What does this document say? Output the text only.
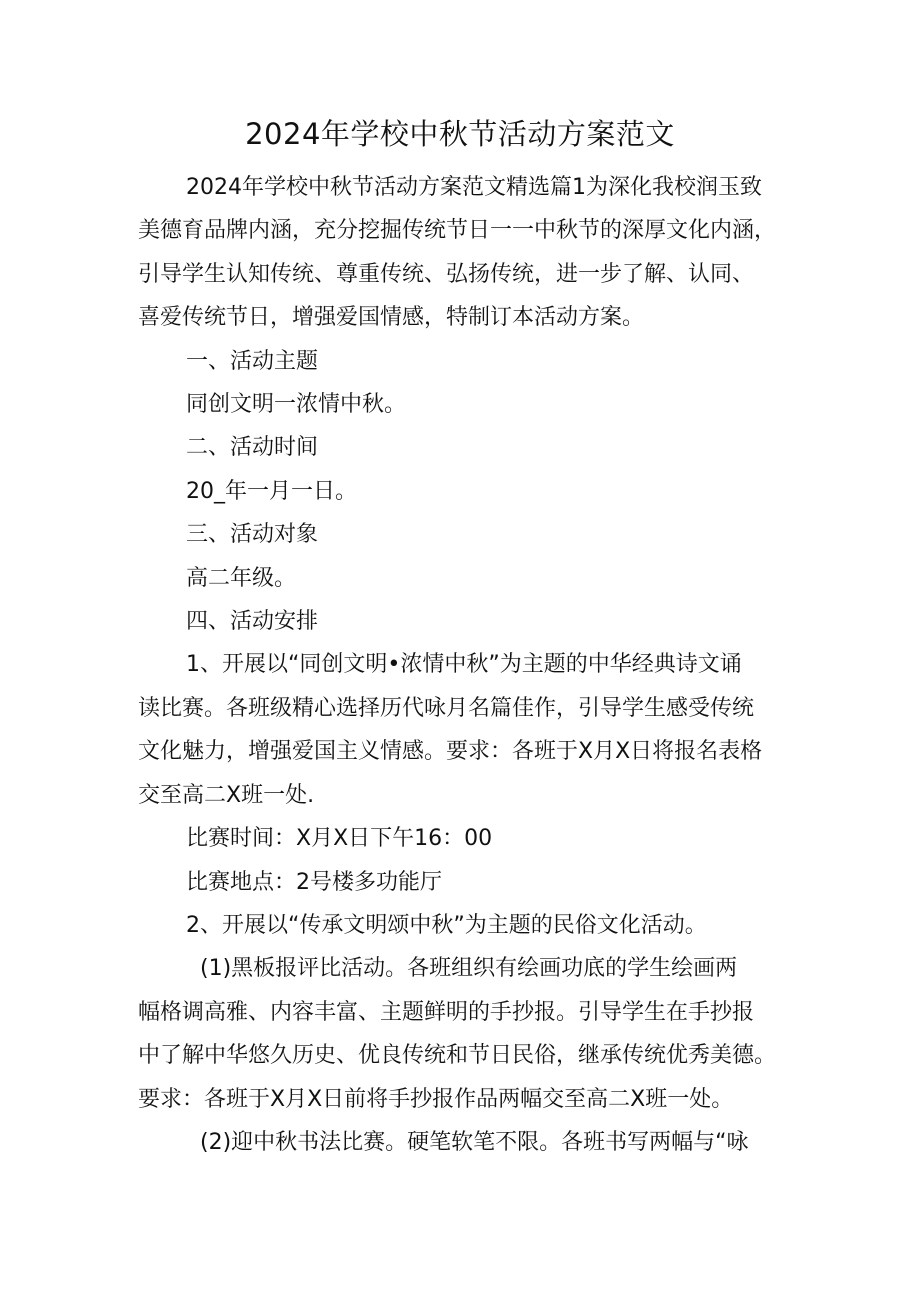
2024年学校中秋节活动方案范文

2024年学校中秋节活动方案范文精选篇1为深化我校润玉致

美德育品牌内涵，充分挖掘传统节日一一中秋节的深厚文化内涵，

引导学生认知传统、尊重传统、弘扬传统，进一步了解、认同、

喜爱传统节日，增强爱国情感，特制订本活动方案。

一、活动主题

同创文明一浓情中秋。

二、活动时间

20_年一月一日。

三、活动对象

高二年级。

四、活动安排

1、开展以“同创文明•浓情中秋”为主题的中华经典诗文诵

读比赛。各班级精心选择历代咏月名篇佳作，引导学生感受传统

文化魅力，增强爱国主义情感。要求：各班于X月X日将报名表格

交至高二X班一处.

比赛时间：X月X日下午16：00

比赛地点：2号楼多功能厅

2、开展以“传承文明颂中秋”为主题的民俗文化活动。

(1)黑板报评比活动。各班组织有绘画功底的学生绘画两

幅格调高雅、内容丰富、主题鲜明的手抄报。引导学生在手抄报

中了解中华悠久历史、优良传统和节日民俗，继承传统优秀美德。

要求：各班于X月X日前将手抄报作品两幅交至高二X班一处。

(2)迎中秋书法比赛。硬笔软笔不限。各班书写两幅与“咏
